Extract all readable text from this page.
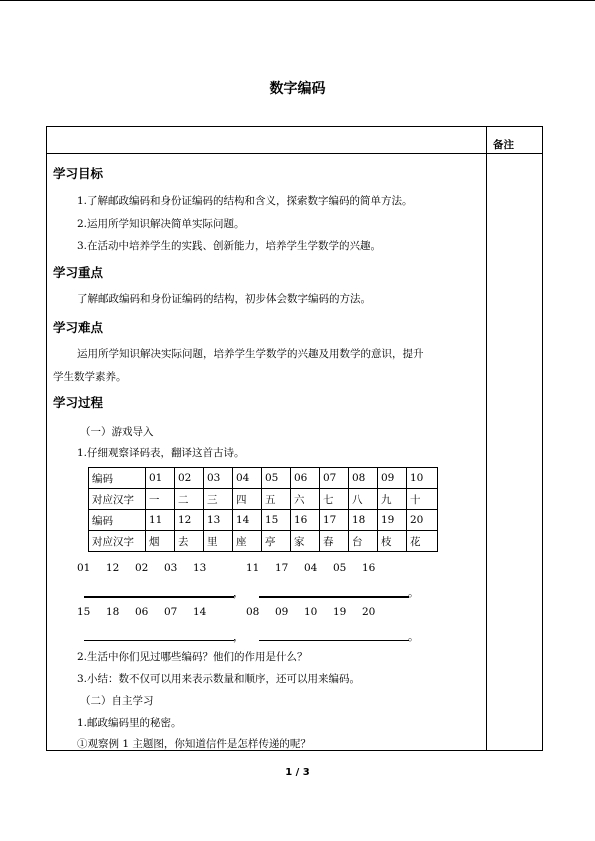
数字编码
备注
学习目标
1.了解邮政编码和身份证编码的结构和含义，探索数字编码的简单方法。
2.运用所学知识解决简单实际问题。
3.在活动中培养学生的实践、创新能力，培养学生学数学的兴趣。
学习重点
了解邮政编码和身份证编码的结构，初步体会数字编码的方法。
学习难点
运用所学知识解决实际问题，培养学生学数学的兴趣及用数学的意识，提升
学生数学素养。
学习过程
（一）游戏导入
1.仔细观察译码表，翻译这首古诗。
编码	01	02	03	04	05	06	07	08	09	10
对应汉字	一	二	三	四	五	六	七	八	九	十
编码	11	12	13	14	15	16	17	18	19	20
对应汉字	烟	去	里	座	亭	家	春	台	枝	花
01 12 02 03 13	11 17 04 05 16
，	。
15 18 06 07 14	08 09 10 19 20
，	。
2.生活中你们见过哪些编码？他们的作用是什么？
3.小结：数不仅可以用来表示数量和顺序，还可以用来编码。
（二）自主学习
1.邮政编码里的秘密。
①观察例 1 主题图，你知道信件是怎样传递的呢？
1 / 3
